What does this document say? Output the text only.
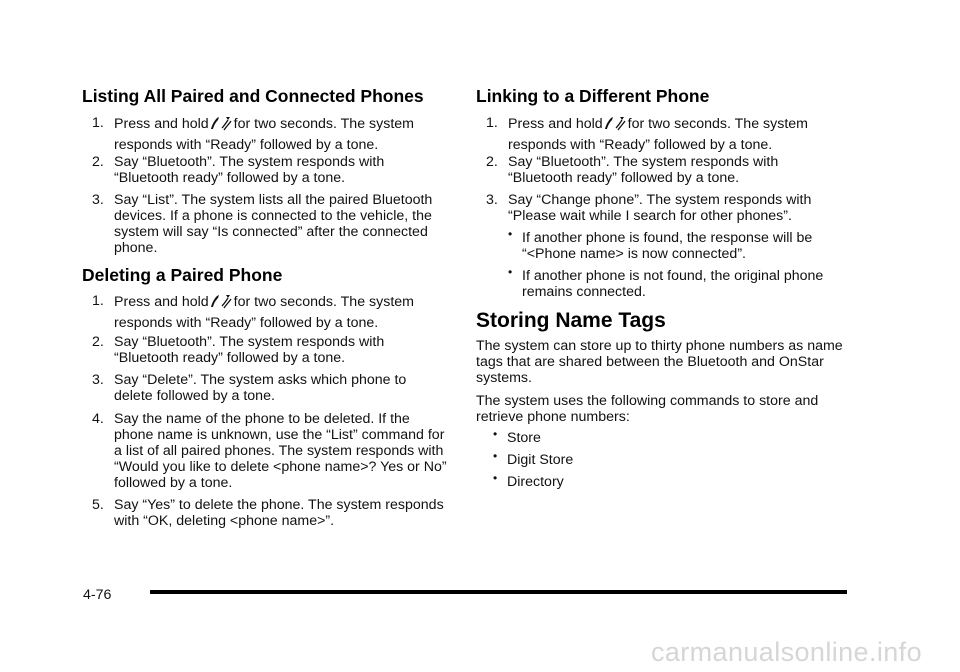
Listing All Paired and Connected Phones
1. Press and hold for two seconds. The system
responds with “Ready” followed by a tone.
2. Say “Bluetooth”. The system responds with “Bluetooth ready” followed by a tone.
3. Say “List”. The system lists all the paired Bluetooth devices. If a phone is connected to the vehicle, the system will say “Is connected” after the connected phone.
Deleting a Paired Phone
1. Press and hold for two seconds. The system
responds with “Ready” followed by a tone.
2. Say “Bluetooth”. The system responds with “Bluetooth ready” followed by a tone.
3. Say “Delete”. The system asks which phone to delete followed by a tone.
4. Say the name of the phone to be deleted. If the phone name is unknown, use the “List” command for a list of all paired phones. The system responds with “Would you like to delete <phone name>? Yes or No” followed by a tone.
5. Say “Yes” to delete the phone. The system responds with “OK, deleting <phone name>”.
Linking to a Different Phone
1. Press and hold for two seconds. The system
responds with “Ready” followed by a tone.
2. Say “Bluetooth”. The system responds with “Bluetooth ready” followed by a tone.
3. Say “Change phone”. The system responds with “Please wait while I search for other phones”.
• If another phone is found, the response will be “<Phone name> is now connected”.
• If another phone is not found, the original phone remains connected.
Storing Name Tags
The system can store up to thirty phone numbers as name tags that are shared between the Bluetooth and OnStar systems.
The system uses the following commands to store and retrieve phone numbers:
• Store
• Digit Store
• Directory
4-76
carmanualsonline.info
